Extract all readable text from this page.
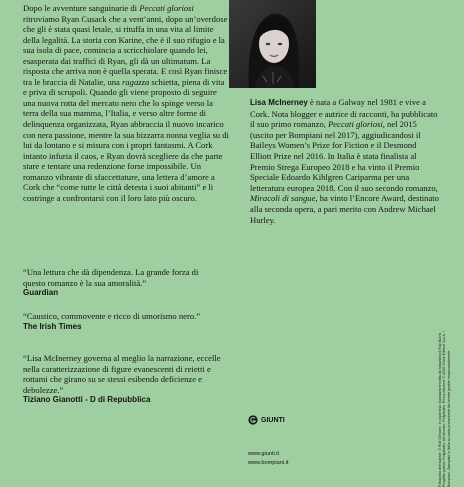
Dopo le avventure sanguinarie di Peccati gloriosi ritroviamo Ryan Cusack che a vent’anni, dopo un’overdose che gli è stata quasi letale, si rituffa in una vita al limite della legalità. La storia con Karine, che è il suo rifugio e la sua isola di pace, comincia a scricchiolare quando lei, esasperata dai traffici di Ryan, gli dà un ultimatum. La risposta che arriva non è quella sperata. E così Ryan finisce tra le braccia di Natalie, una ragazza schietta, piena di vita e priva di scrupoli. Quando gli viene proposto di seguire una nuova rotta del mercato nero che lo spinge verso la terra della sua mamma, l’Italia, e verso altre forme di delinquenza organizzata, Ryan abbraccia il nuovo incarico con nera passione, mentre la sua bizzarra nonna veglia su di lui da lontano e si misura con i propri fantasmi. A Cork intanto infuria il caos, e Ryan dovrà scegliere da che parte stare e tentare una redenzione forse impossibile. Un romanzo vibrante di sfaccettature, una lettera d’amore a Cork che “come tutte le città detesta i suoi abitanti” e li costringe a confrontarsi con il loro lato più oscuro.

Lisa McInerney è nata a Galway nel 1981 e vive a Cork. Nota blogger e autrice di racconti, ha pubblicato il suo primo romanzo, Peccati gloriosi, nel 2015 (uscito per Bompiani nel 2017), aggiudicandosi il Baileys Women’s Prize for Fiction e il Desmond Elliott Prize nel 2016. In Italia è stata finalista al Premio Strega Europeo 2018 e ha vinto il Premio Speciale Edoardo Kihlgren Cariparma per una letteratura europea 2018. Con il suo secondo romanzo, Miracoli di sangue, ha vinto l’Encore Award, destinato alla seconda opera, a pari merito con Andrew Michael Hurley.

“Una lettura che dà dipendenza. La grande forza di questo romanzo è la sua amoralità.”
Guardian

“Caustico, commovente e ricco di umorismo nero.”
The Irish Times

“Lisa McInerney governa al meglio la narrazione, eccelle nella caratterizzazione di figure evanescenti di reietti e rottami che girano su se stessi esibendo deficienze e debolezze.”
Tiziano Gianotti - D di Repubblica

GIUNTI
www.giunti.it
www.bompiani.it	Fotografia dell’autrice: © Rolf Ollmann. In copertina: illustrazione tratta da fotografia di Ray Burns. Progetto grafico: Polystudio. Art director: Polystudio. Prima edizione © 2020 Giunti Editore S.p.A. / Bompiani. Stampato in Italia su carta proveniente da foreste gestite responsabilmente.
